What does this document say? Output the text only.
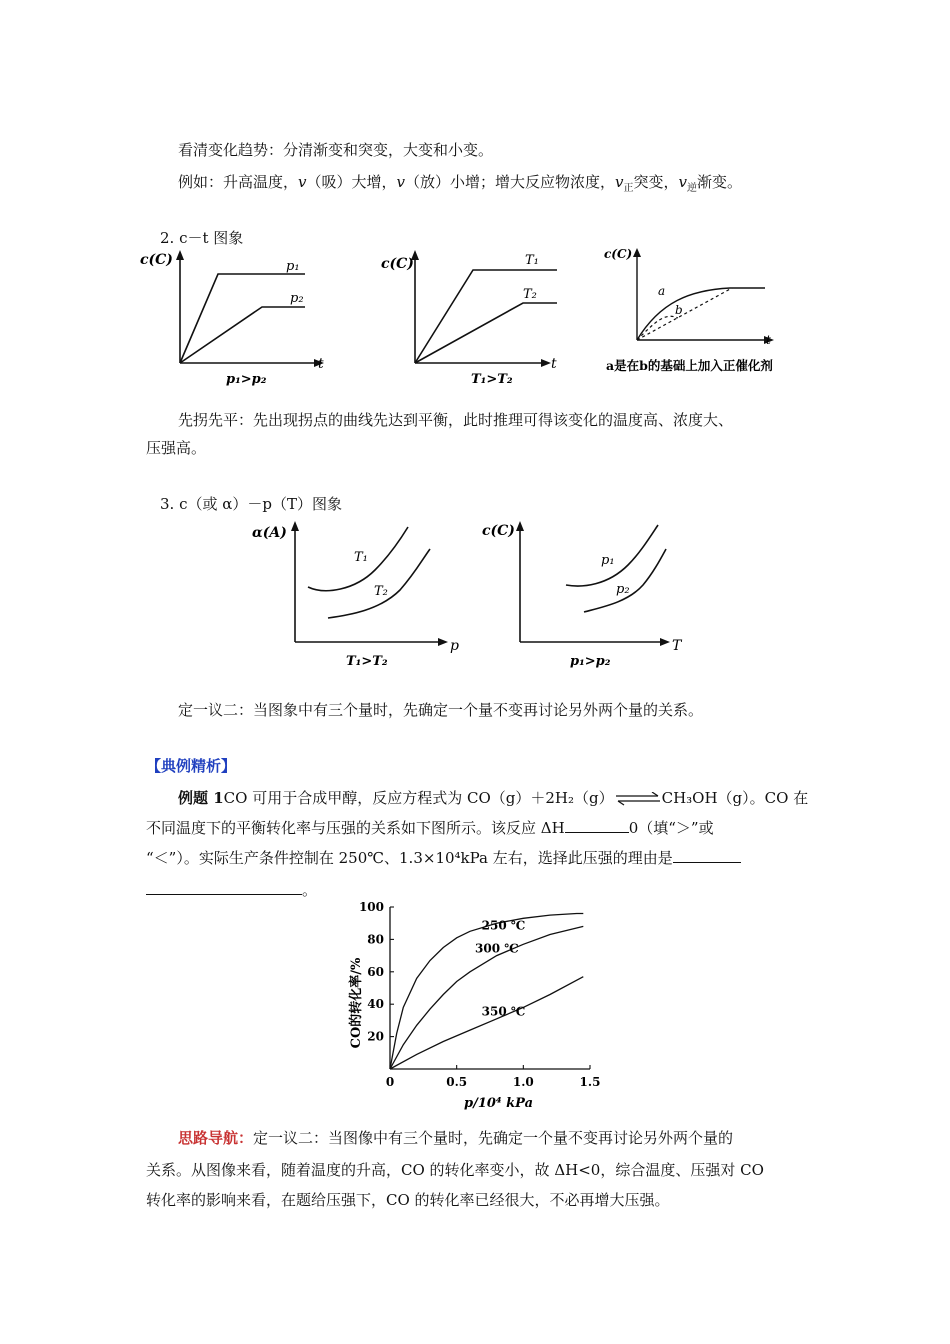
看清变化趋势：分清渐变和突变，大变和小变。
例如：升高温度，v（吸）大增，v（放）小增；增大反应物浓度，$v_正$突变，$v_逆$渐变。
2. c－t 图象
c(C)
t
p₁
p₂
p₁>p₂
c(C)
t
T₁
T₂
T₁>T₂
c(C)
t
a
b
a是在b的基础上加入正催化剂
先拐先平：先出现拐点的曲线先达到平衡，此时推理可得该变化的温度高、浓度大、
压强高。
3. c（或 α）－p（T）图象
α(A)
p
T₁
T₂
T₁>T₂
c(C)
T
p₁
p₂
p₁>p₂
定一议二：当图象中有三个量时，先确定一个量不变再讨论另外两个量的关系。
【典例精析】
例题 1CO 可用于合成甲醇，反应方程式为 CO（g）＋2H₂（g） ⇌ CH₃OH（g）。CO 在
不同温度下的平衡转化率与压强的关系如下图所示。该反应 ΔH	0（填“＞”或
“＜”）。实际生产条件控制在 250℃、1.3×10⁴kPa 左右，选择此压强的理由是
。
20
40
60
80
100
0	0.5	1.0	1.5
250 ℃
300 ℃
350 ℃
p/10⁴ kPa
CO的转化率/%
思路导航：定一议二：当图像中有三个量时，先确定一个量不变再讨论另外两个量的
关系。从图像来看，随着温度的升高，CO 的转化率变小，故 ΔH<0，综合温度、压强对 CO
转化率的影响来看，在题给压强下，CO 的转化率已经很大，不必再增大压强。
